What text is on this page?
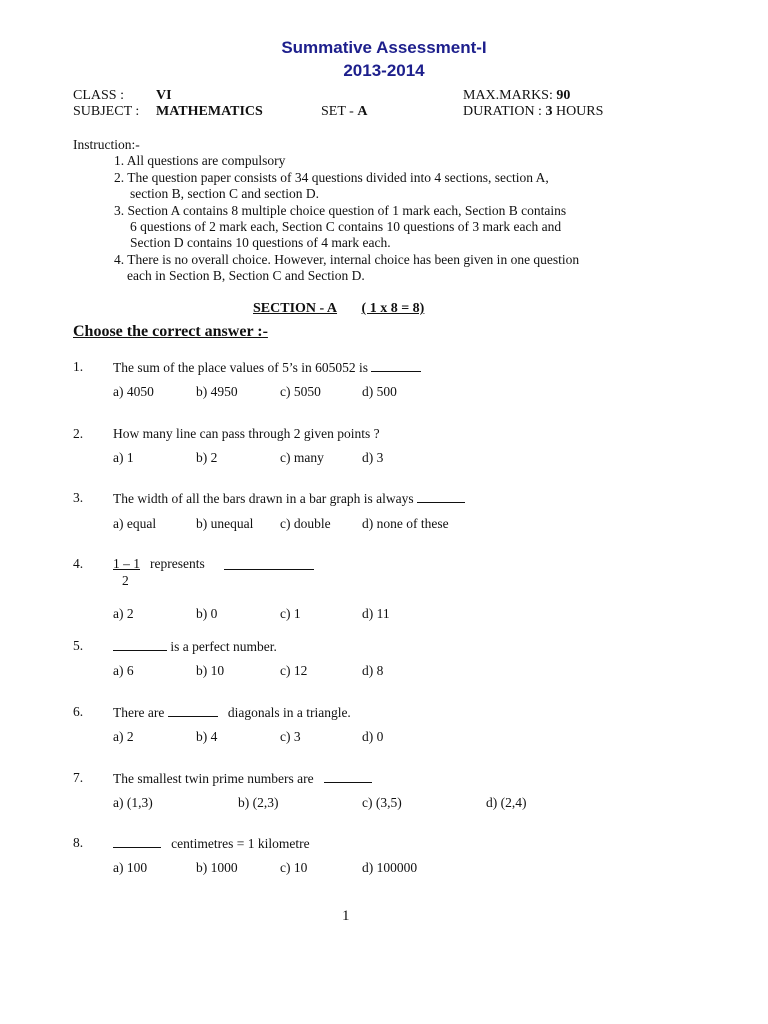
Summative Assessment-I
2013-2014
CLASS : VI
SUBJECT : MATHEMATICS	SET - A
MAX.MARKS: 90
DURATION : 3 HOURS
Instruction:-
1. All questions are compulsory
2. The question paper consists of 34 questions divided into 4 sections, section A,
section B, section C and section D.
3. Section A contains 8 multiple choice question of 1 mark each, Section B contains
6 questions of 2 mark each, Section C contains 10 questions of 3 mark each and
Section D contains 10 questions of 4 mark each.
4. There is no overall choice. However, internal choice has been given in one question
each in Section B, Section C and Section D.
SECTION - A ( 1 x 8 = 8)
Choose the correct answer :-
1. The sum of the place values of 5’s in 605052 is
a) 4050	b) 4950	c) 5050	d) 500
2. How many line can pass through 2 given points ?
a) 1	b) 2	c) many	d) 3
3. The width of all the bars drawn in a bar graph is always
a) equal	b) unequal c) double d) none of these
4. 1 – 1
2
represents
a) 2	b) 0	c) 1	d) 11
5.	is a perfect number.
a) 6	b) 10	c) 12	d) 8
6. There are	diagonals in a triangle.
a) 2	b) 4	c) 3	d) 0
7. The smallest twin prime numbers are
a) (1,3)	b) (2,3)	c) (3,5)	d) (2,4)
8.	centimetres = 1 kilometre
a) 100	b) 1000	c) 10	d) 100000
1
